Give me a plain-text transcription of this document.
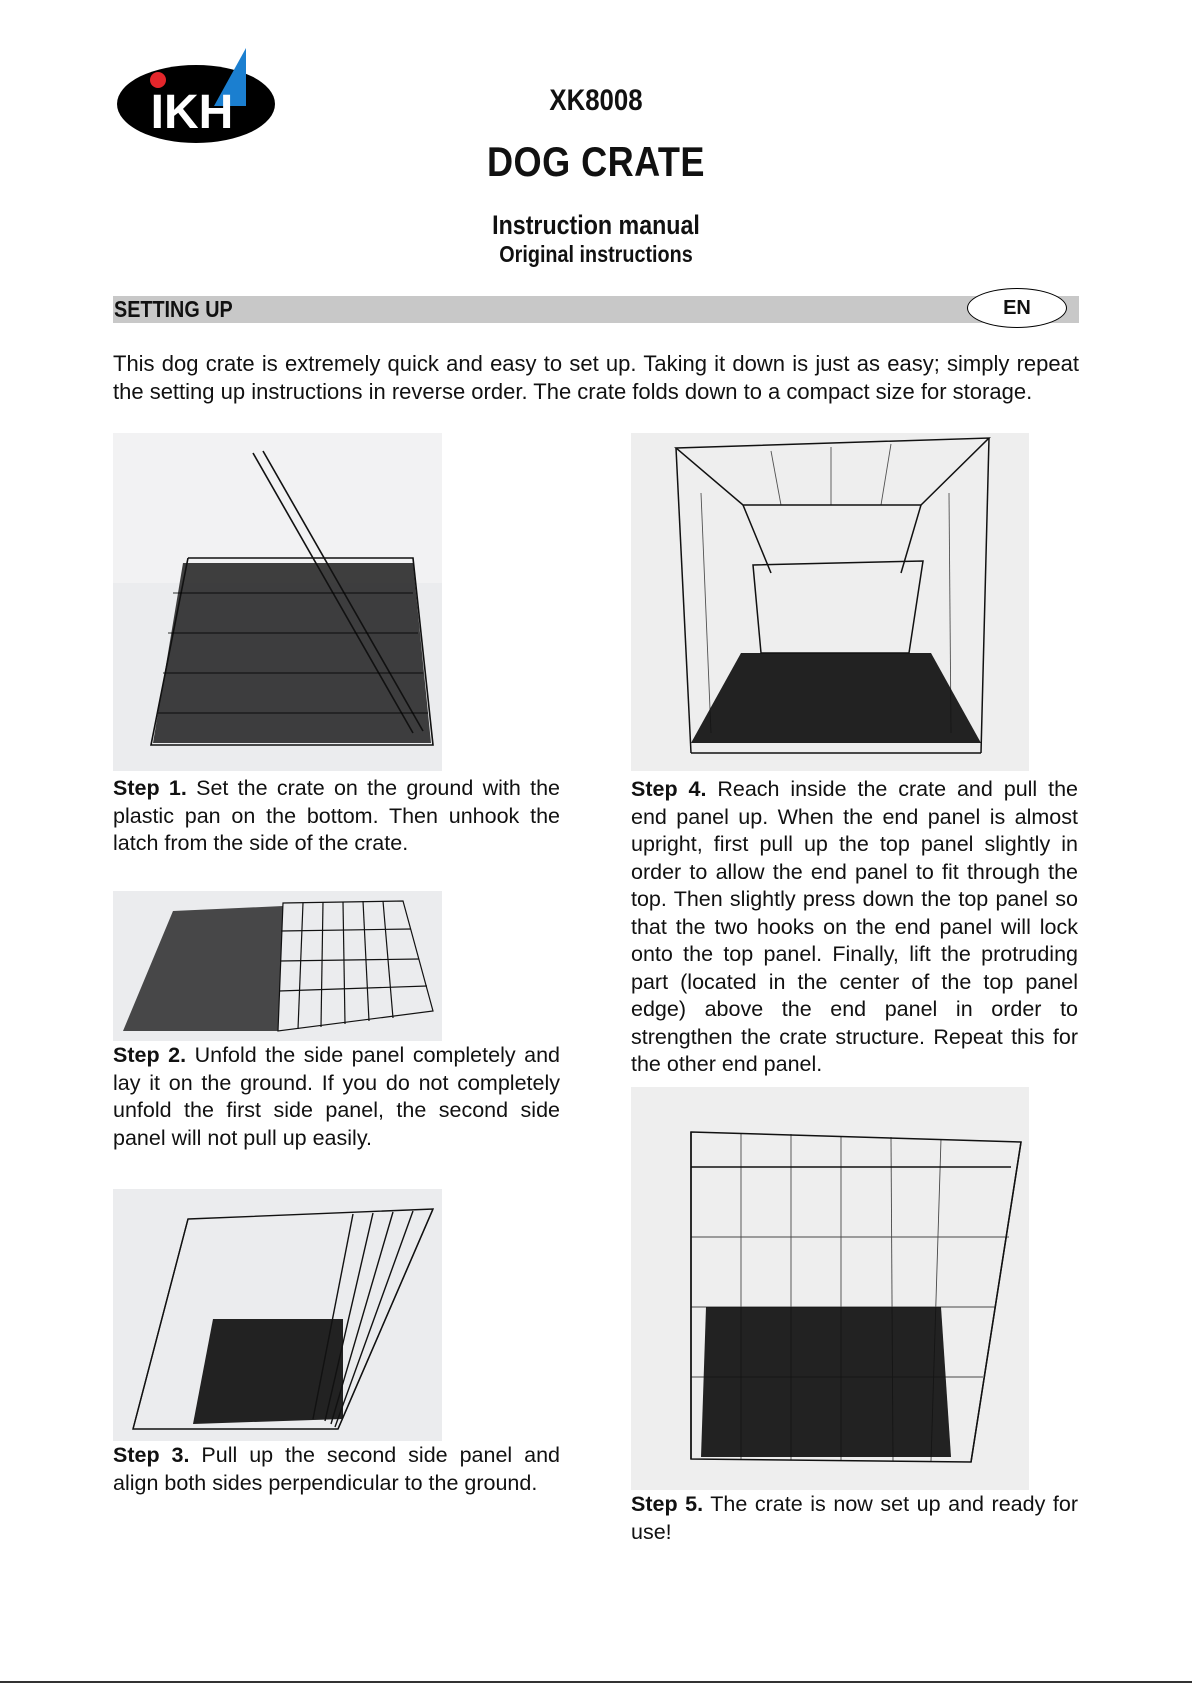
IKH	XK8008
DOG CRATE
Instruction manual
Original instructions
SETTING UP	EN
This dog crate is extremely quick and easy to set up. Taking it down is just as easy; simply repeat the setting up instructions in reverse order. The crate folds down to a compact size for storage.
Step 1. Set the crate on the ground with the plastic pan on the bottom. Then unhook the latch from the side of the crate.
Step 2. Unfold the side panel completely and lay it on the ground. If you do not completely unfold the first side panel, the second side panel will not pull up easily.
Step 3. Pull up the second side panel and align both sides perpendicular to the ground.
Step 4. Reach inside the crate and pull the end panel up. When the end panel is almost upright, first pull up the top panel slightly in order to allow the end panel to fit through the top. Then slightly press down the top panel so that the two hooks on the end panel will lock onto the top panel. Finally, lift the protruding part (located in the center of the top panel edge) above the end panel in order to strengthen the crate structure. Repeat this for the other end panel.
Step 5. The crate is now set up and ready for use!
